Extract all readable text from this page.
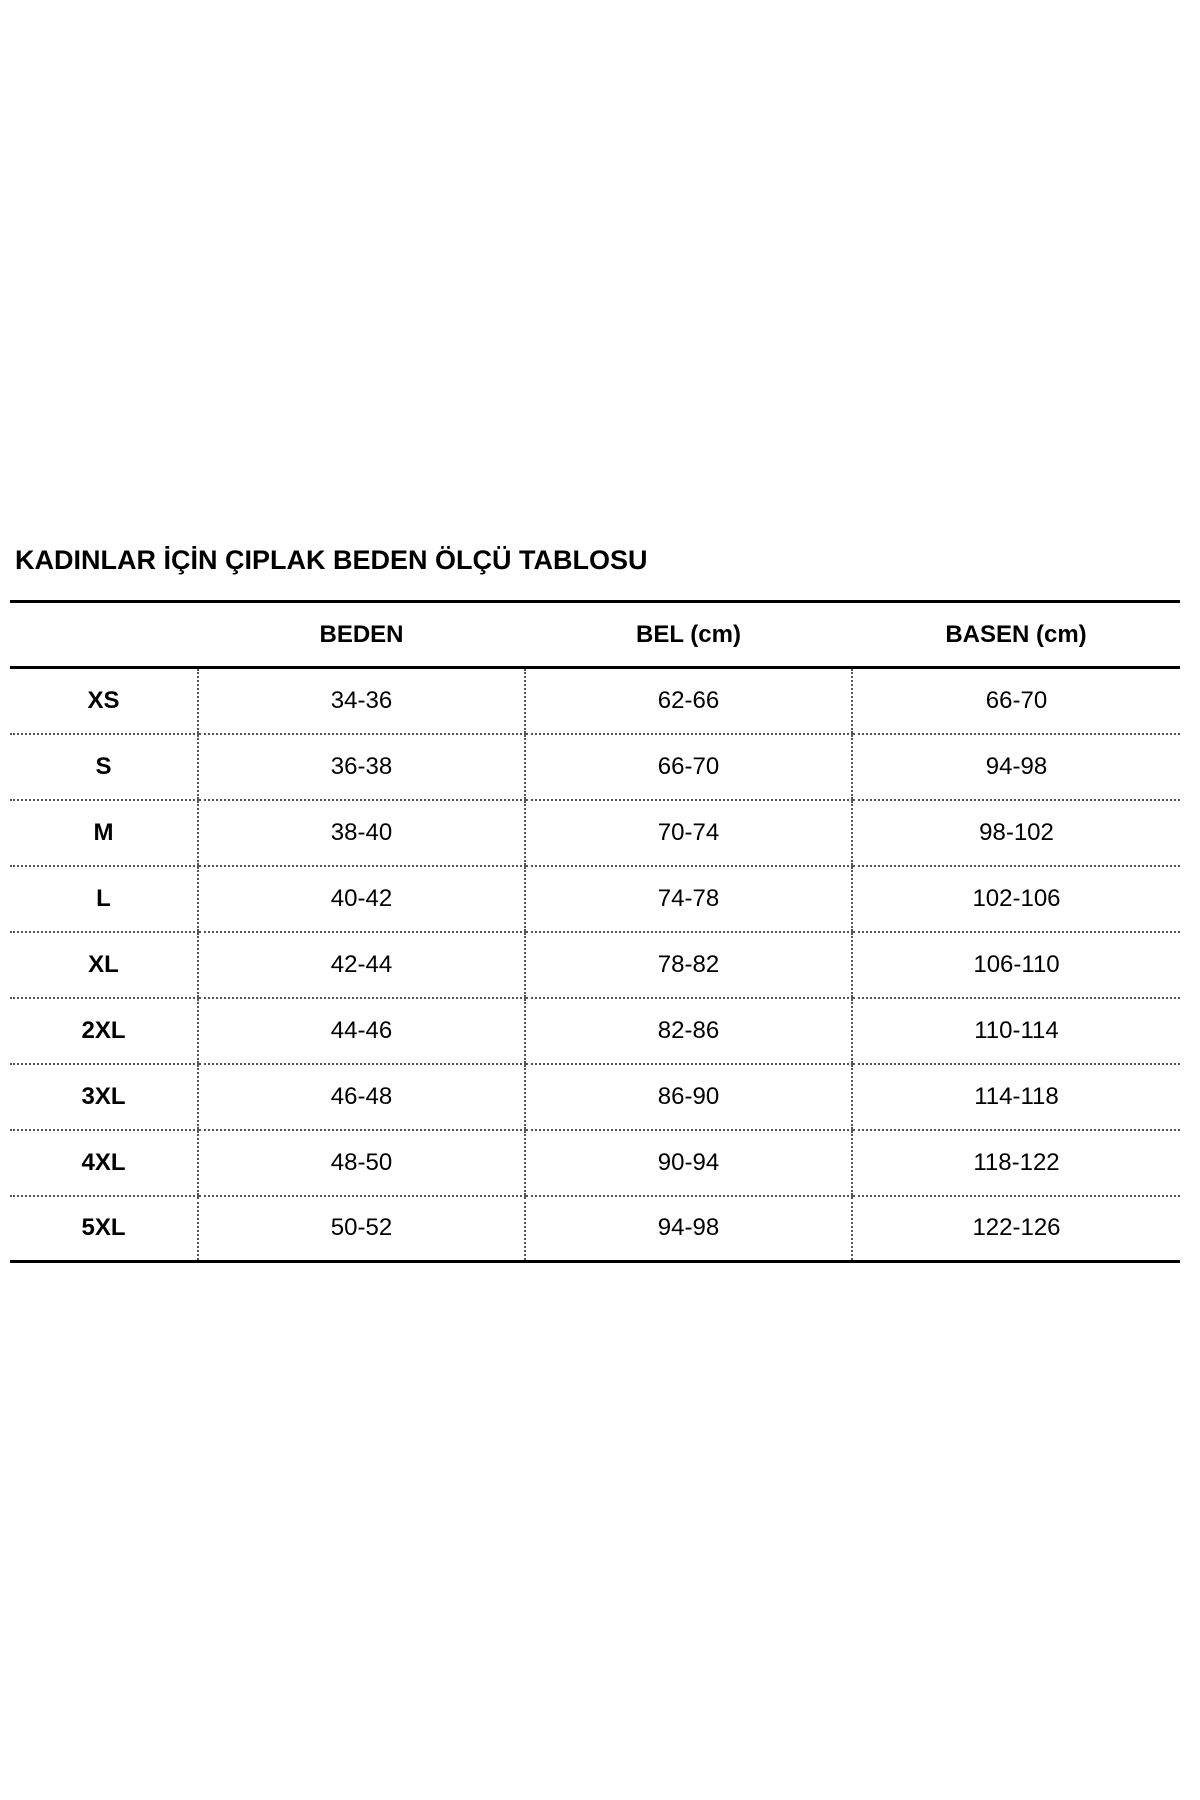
KADINLAR İÇİN ÇIPLAK BEDEN ÖLÇÜ TABLOSU
	BEDEN	BEL (cm)	BASEN (cm)
XS	34-36	62-66	66-70
S	36-38	66-70	94-98
M	38-40	70-74	98-102
L	40-42	74-78	102-106
XL	42-44	78-82	106-110
2XL	44-46	82-86	110-114
3XL	46-48	86-90	114-118
4XL	48-50	90-94	118-122
5XL	50-52	94-98	122-126
